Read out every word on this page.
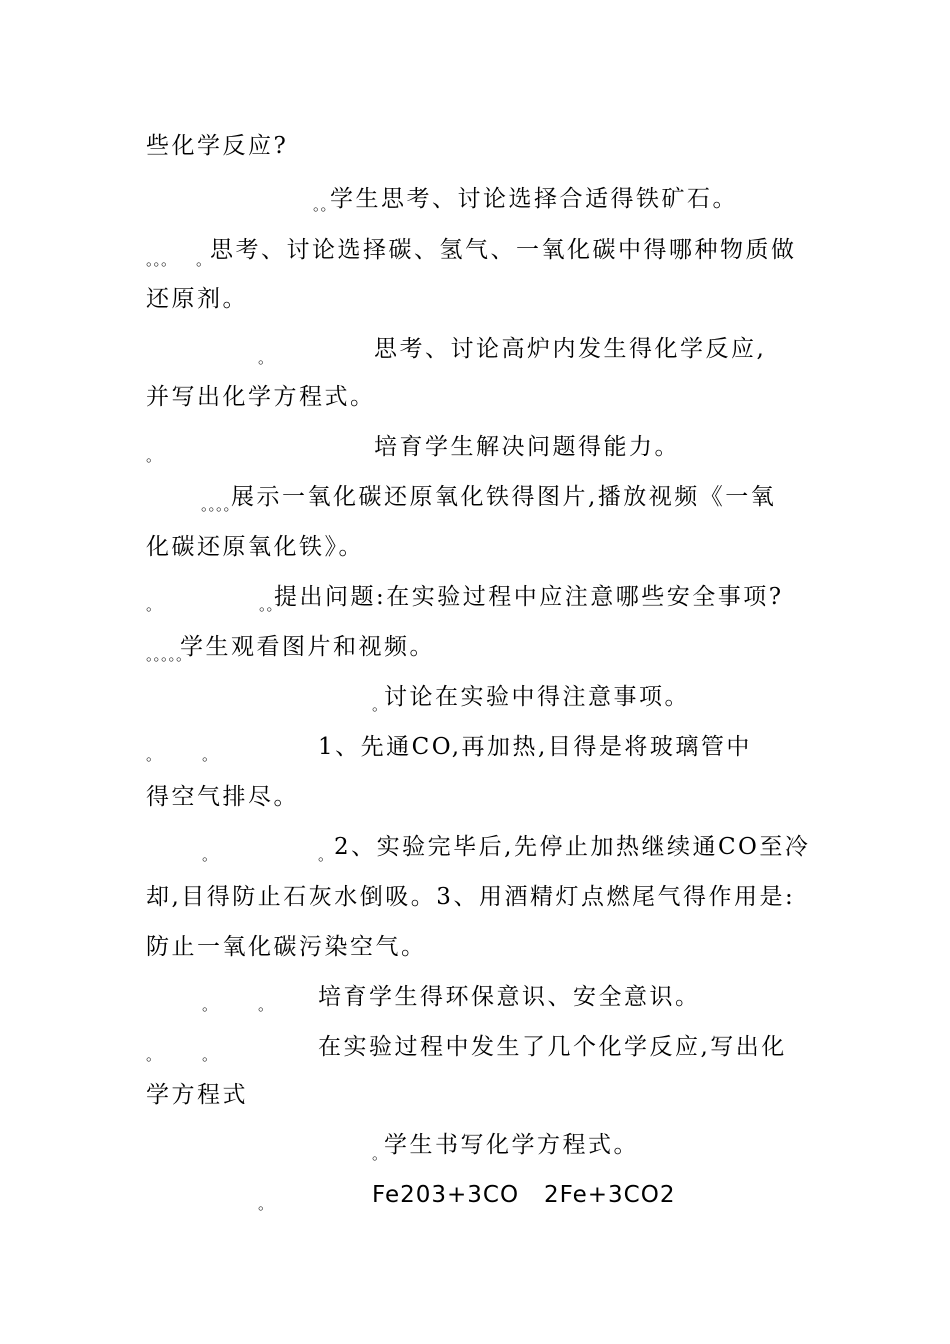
些化学反应?
。。
学生思考、讨论选择合适得铁矿石。
。。。 。
思考、讨论选择碳、氢气、一氧化碳中得哪种物质做
还原剂。
。	思考、讨论高炉内发生得化学反应,
并写出化学方程式。
。	培育学生解决问题得能力。
。。。。
展示一氧化碳还原氧化铁得图片,播放视频《一氧
化碳还原氧化铁》。
。	。。
提出问题:在实验过程中应注意哪些安全事项?
。。。。。
学生观看图片和视频。
。
讨论在实验中得注意事项。
。	。	1、先通CO,再加热,目得是将玻璃管中
得空气排尽。
。	。 2、实验完毕后,先停止加热继续通CO至冷
却,目得防止石灰水倒吸。3、用酒精灯点燃尾气得作用是:
防止一氧化碳污染空气。
。	。 培育学生得环保意识、安全意识。
。	。	在实验过程中发生了几个化学反应,写出化
学方程式
。
学生书写化学方程式。
。	Fe203+3CO   2Fe+3CO2
